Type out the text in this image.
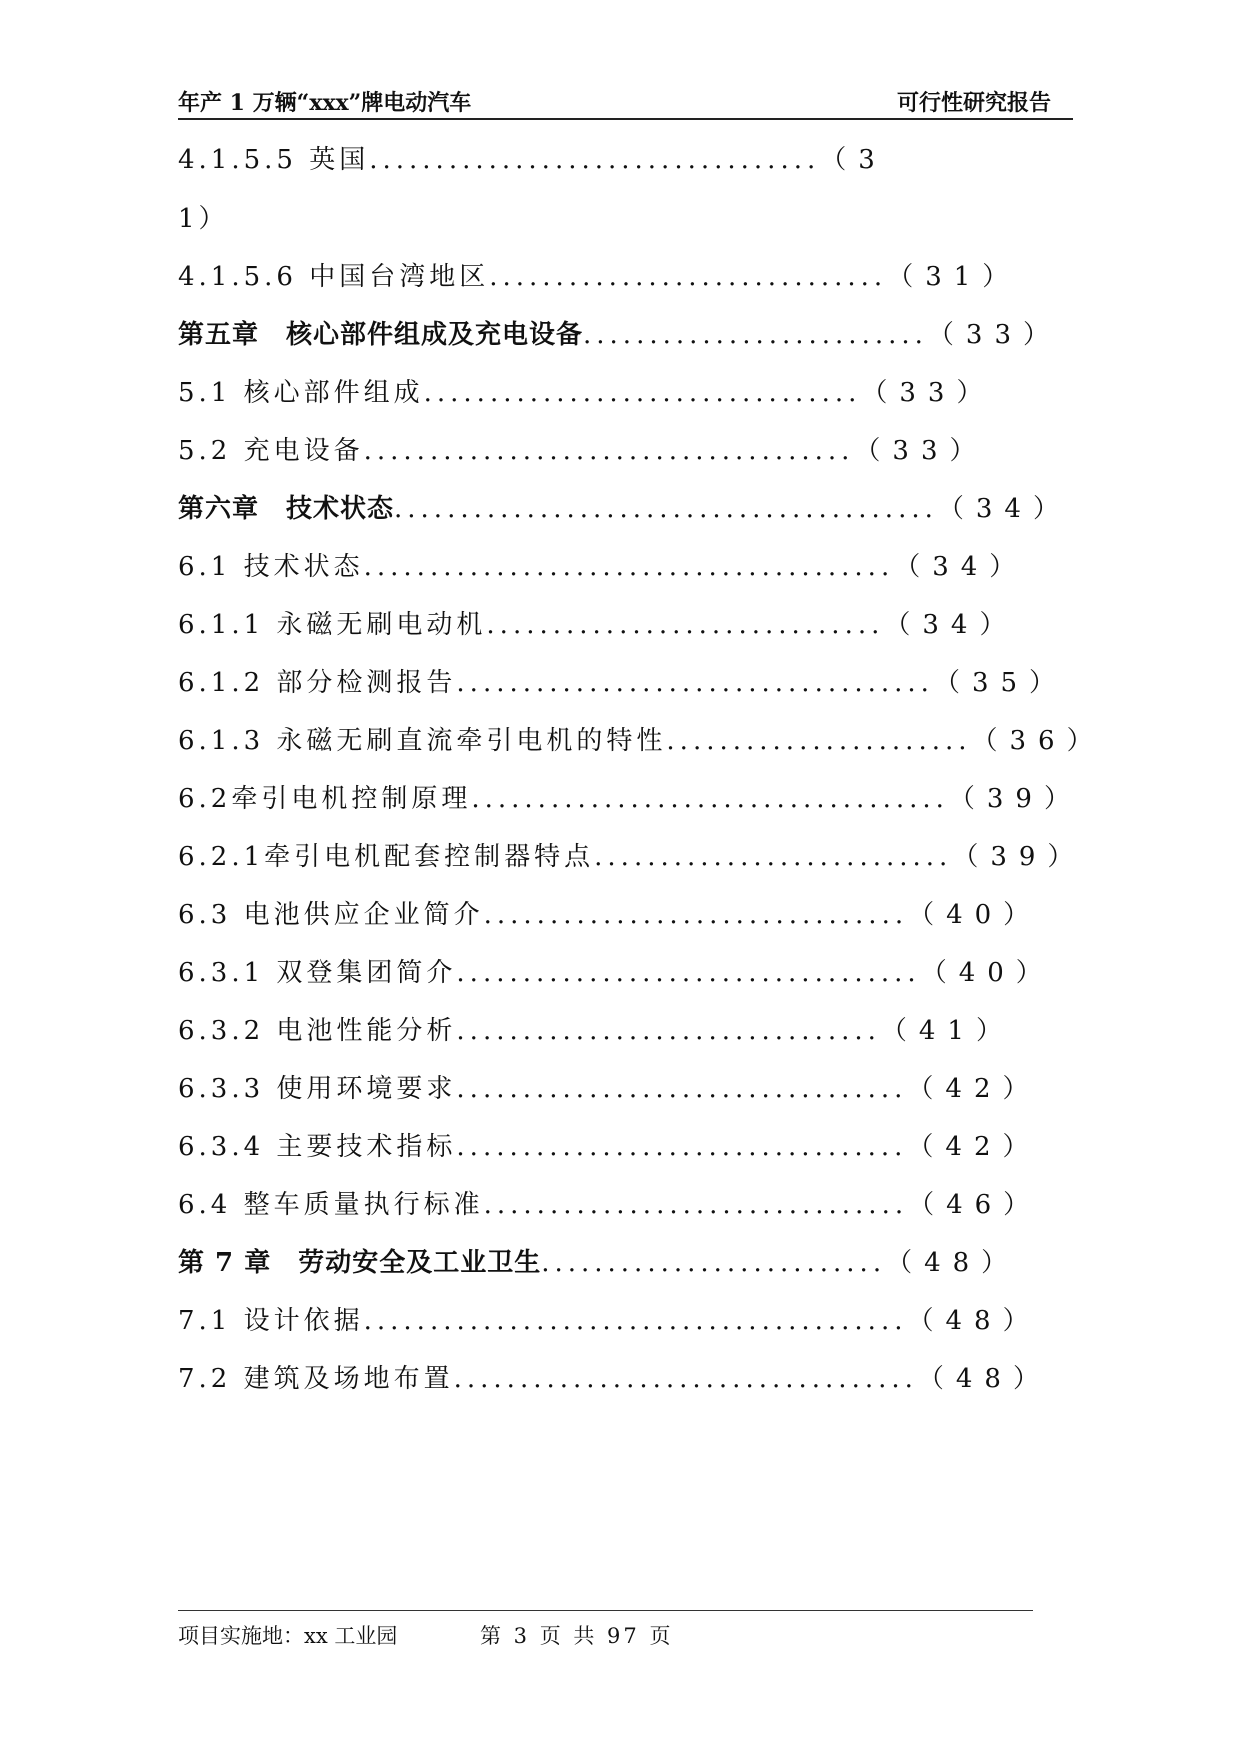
年产 1 万辆“xxx”牌电动汽车	可行性研究报告
4.1.5.5 英国..................................（3
1）
4.1.5.6 中国台湾地区..............................（31）
第五章　核心部件组成及充电设备..........................（33）
5.1 核心部件组成.................................（33）
5.2 充电设备.....................................（33）
第六章　技术状态.........................................（34）
6.1 技术状态........................................（34）
6.1.1 永磁无刷电动机..............................（34）
6.1.2 部分检测报告....................................（35）
6.1.3 永磁无刷直流牵引电机的特性.......................（36）
6.2牵引电机控制原理....................................（39）
6.2.1牵引电机配套控制器特点...........................（39）
6.3 电池供应企业简介................................（40）
6.3.1 双登集团简介...................................（40）
6.3.2 电池性能分析................................（41）
6.3.3 使用环境要求..................................（42）
6.3.4 主要技术指标..................................（42）
6.4 整车质量执行标准................................（46）
第 7 章　劳动安全及工业卫生..........................（48）
7.1 设计依据.........................................（48）
7.2 建筑及场地布置...................................（48）
项目实施地：xx 工业园	第 3 页 共 97 页
